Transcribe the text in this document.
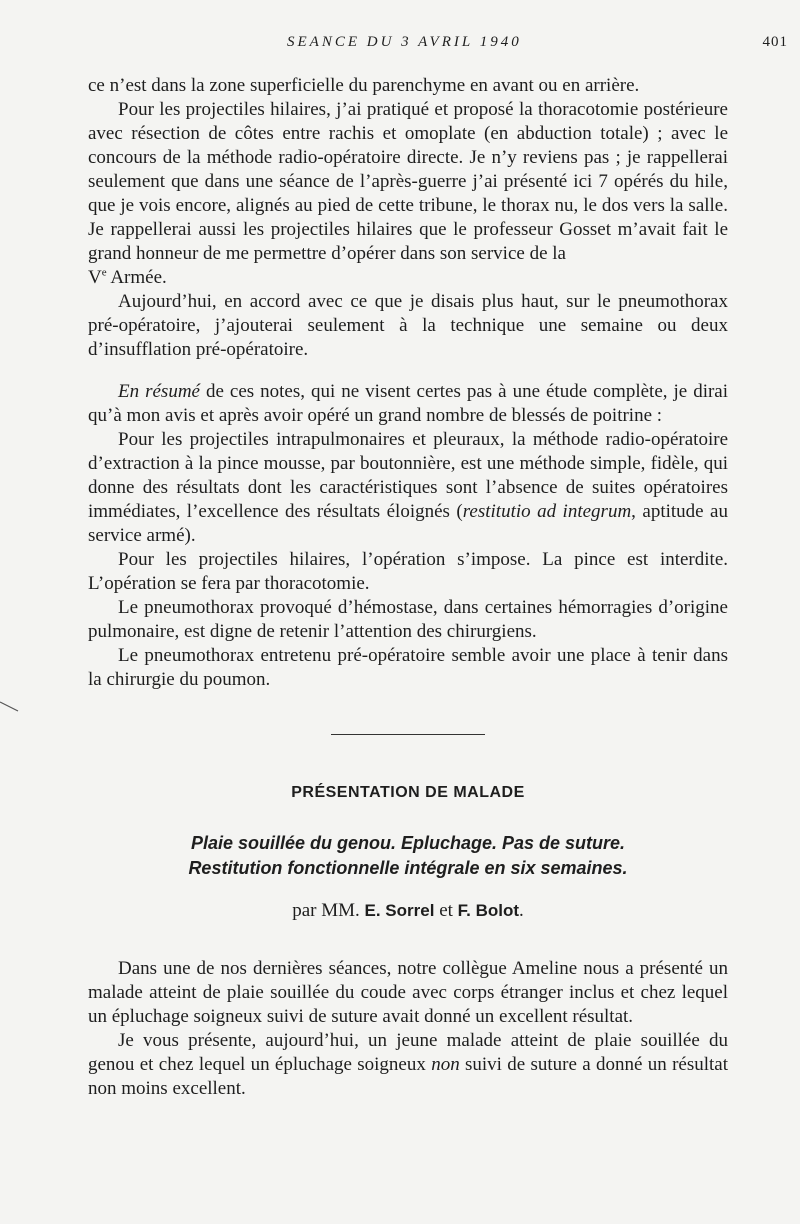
SEANCE DU 3 AVRIL 1940	401

ce n’est dans la zone superficielle du parenchyme en avant ou en arrière.

Pour les projectiles hilaires, j’ai pratiqué et proposé la thoracotomie postérieure avec résection de côtes entre rachis et omoplate (en abduction totale) ; avec le concours de la méthode radio-opératoire directe. Je n’y reviens pas ; je rappellerai seulement que dans une séance de l’après-guerre j’ai présenté ici 7 opérés du hile, que je vois encore, alignés au pied de cette tribune, le thorax nu, le dos vers la salle. Je rappellerai aussi les projectiles hilaires que le professeur Gosset m’avait fait le grand honneur de me permettre d’opérer dans son service de la
Ve Armée.

Aujourd’hui, en accord avec ce que je disais plus haut, sur le pneumothorax pré-opératoire, j’ajouterai seulement à la technique une semaine ou deux d’insufflation pré-opératoire.

En résumé de ces notes, qui ne visent certes pas à une étude complète, je dirai qu’à mon avis et après avoir opéré un grand nombre de blessés de poitrine :

Pour les projectiles intrapulmonaires et pleuraux, la méthode radio-opératoire d’extraction à la pince mousse, par boutonnière, est une méthode simple, fidèle, qui donne des résultats dont les caractéristiques sont l’absence de suites opératoires immédiates, l’excellence des résultats éloignés (restitutio ad integrum, aptitude au service armé).

Pour les projectiles hilaires, l’opération s’impose. La pince est interdite. L’opération se fera par thoracotomie.

Le pneumothorax provoqué d’hémostase, dans certaines hémorragies d’origine pulmonaire, est digne de retenir l’attention des chirurgiens.

Le pneumothorax entretenu pré-opératoire semble avoir une place à tenir dans la chirurgie du poumon.

PRÉSENTATION DE MALADE
Plaie souillée du genou. Epluchage. Pas de suture.
Restitution fonctionnelle intégrale en six semaines.
par MM. E. Sorrel et F. Bolot.

Dans une de nos dernières séances, notre collègue Ameline nous a présenté un malade atteint de plaie souillée du coude avec corps étranger inclus et chez lequel un épluchage soigneux suivi de suture avait donné un excellent résultat.

Je vous présente, aujourd’hui, un jeune malade atteint de plaie souillée du genou et chez lequel un épluchage soigneux non suivi de suture a donné un résultat non moins excellent.
